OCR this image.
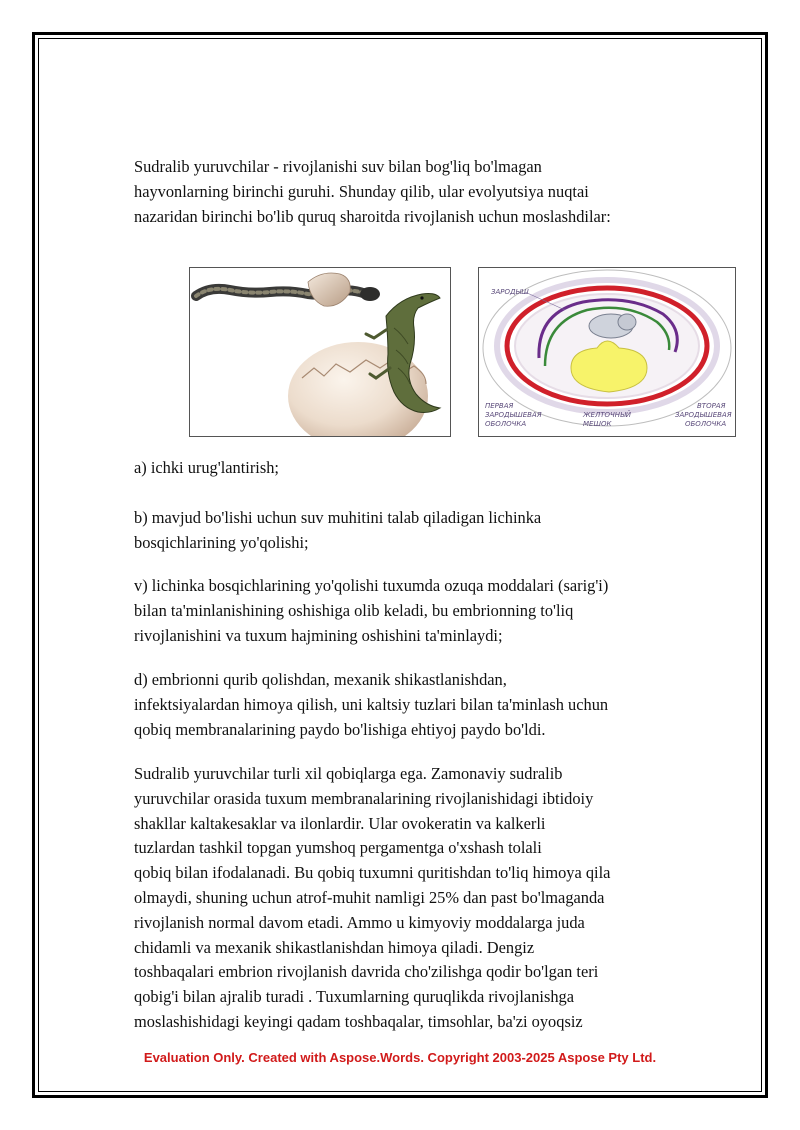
Sudralib yuruvchilar - rivojlanishi suv bilan bog'liq bo'lmagan

hayvonlarning birinchi guruhi. Shunday qilib, ular evolyutsiya nuqtai

nazaridan birinchi bo'lib quruq sharoitda rivojlanish uchun moslashdilar:

ЗАРОДЫШ
ПЕРВАЯ
ЗАРОДЫШЕВАЯ
ОБОЛОЧКА
ЖЕЛТОЧНЫЙ
МЕШОК
ВТОРАЯ
ЗАРОДЫШЕВАЯ
ОБОЛОЧКА

a) ichki urug'lantirish;

b) mavjud bo'lishi uchun suv muhitini talab qiladigan lichinka

bosqichlarining yo'qolishi;

v) lichinka bosqichlarining yo'qolishi tuxumda ozuqa moddalari (sarig'i)

bilan ta'minlanishining oshishiga olib keladi, bu embrionning to'liq

rivojlanishini va tuxum hajmining oshishini ta'minlaydi;

d) embrionni qurib qolishdan, mexanik shikastlanishdan,

infektsiyalardan himoya qilish, uni kaltsiy tuzlari bilan ta'minlash uchun

qobiq membranalarining paydo bo'lishiga ehtiyoj paydo bo'ldi.

Sudralib yuruvchilar turli xil qobiqlarga ega. Zamonaviy sudralib

yuruvchilar orasida tuxum membranalarining rivojlanishidagi ibtidoiy

shakllar kaltakesaklar va ilonlardir. Ular ovokeratin va kalkerli

tuzlardan tashkil topgan yumshoq pergamentga o'xshash tolali

qobiq bilan ifodalanadi. Bu qobiq tuxumni quritishdan to'liq himoya qila

olmaydi, shuning uchun atrof-muhit namligi 25% dan past bo'lmaganda

rivojlanish normal davom etadi. Ammo u kimyoviy moddalarga juda

chidamli va mexanik shikastlanishdan himoya qiladi. Dengiz

toshbaqalari embrion rivojlanish davrida cho'zilishga qodir bo'lgan teri

qobig'i bilan ajralib turadi . Tuxumlarning quruqlikda rivojlanishga

moslashishidagi keyingi qadam toshbaqalar, timsohlar, ba'zi oyoqsiz

Evaluation Only. Created with Aspose.Words. Copyright 2003-2025 Aspose Pty Ltd.
